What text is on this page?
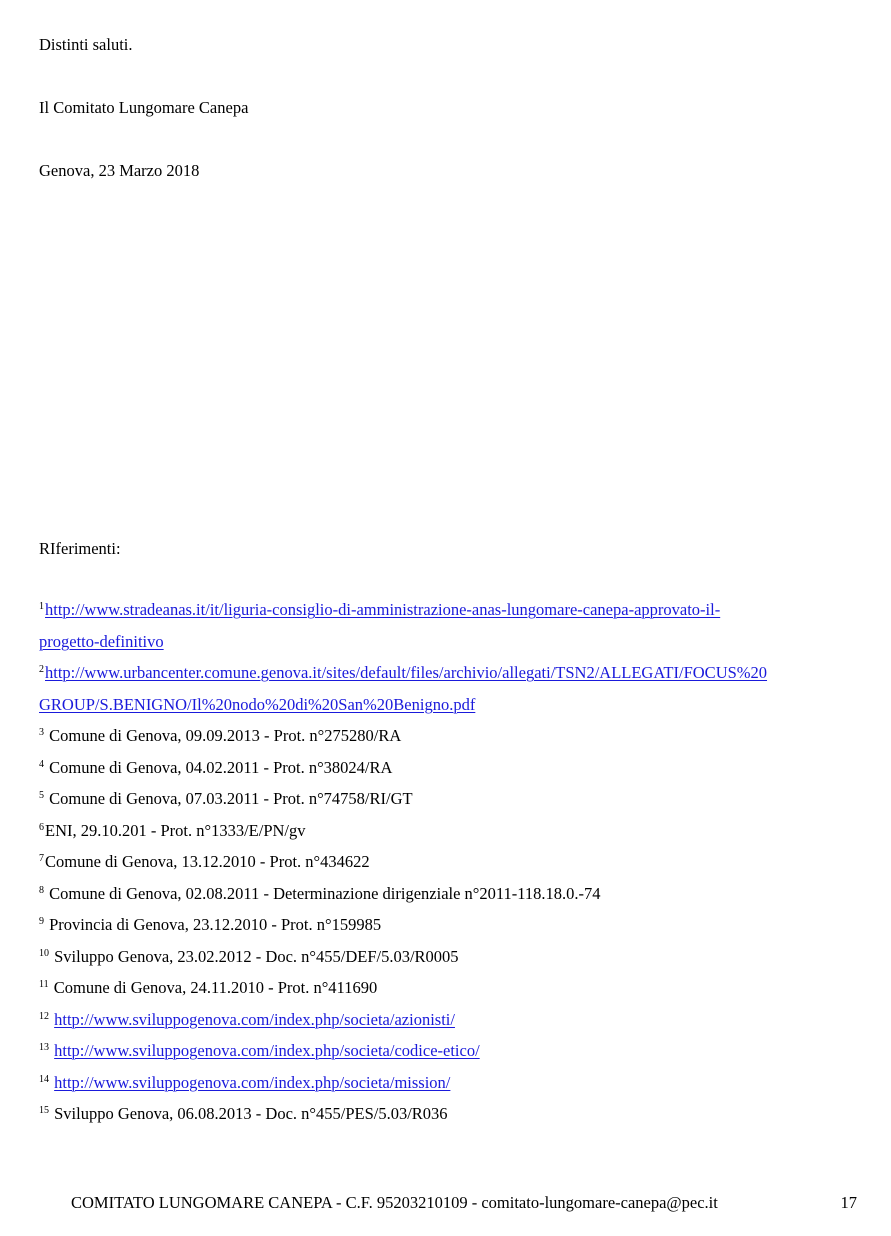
Distinti saluti.
Il Comitato Lungomare Canepa
Genova, 23 Marzo 2018
RIferimenti:
$^1$http://www.stradeanas.it/it/liguria-consiglio-di-amministrazione-anas-lungomare-canepa-approvato-il-
progetto-definitivo
$^2$http://www.urbancenter.comune.genova.it/sites/default/files/archivio/allegati/TSN2/ALLEGATI/FOCUS%20
GROUP/S.BENIGNO/Il%20nodo%20di%20San%20Benigno.pdf
$^3$ Comune di Genova, 09.09.2013 - Prot. n°275280/RA
$^4$ Comune di Genova, 04.02.2011 - Prot. n°38024/RA
$^5$ Comune di Genova, 07.03.2011 - Prot. n°74758/RI/GT
$^6$ENI, 29.10.201 - Prot. n°1333/E/PN/gv
$^7$Comune di Genova, 13.12.2010 - Prot. n°434622
$^8$ Comune di Genova, 02.08.2011 - Determinazione dirigenziale n°2011-118.18.0.-74
$^9$ Provincia di Genova, 23.12.2010 - Prot. n°159985
$^{10}$ Sviluppo Genova, 23.02.2012 - Doc. n°455/DEF/5.03/R0005
$^{11}$ Comune di Genova, 24.11.2010 - Prot. n°411690
$^{12}$ http://www.sviluppogenova.com/index.php/societa/azionisti/
$^{13}$ http://www.sviluppogenova.com/index.php/societa/codice-etico/
$^{14}$ http://www.sviluppogenova.com/index.php/societa/mission/
$^{15}$ Sviluppo Genova, 06.08.2013 - Doc. n°455/PES/5.03/R036
COMITATO LUNGOMARE CANEPA - C.F. 95203210109 - comitato-lungomare-canepa@pec.it	17
